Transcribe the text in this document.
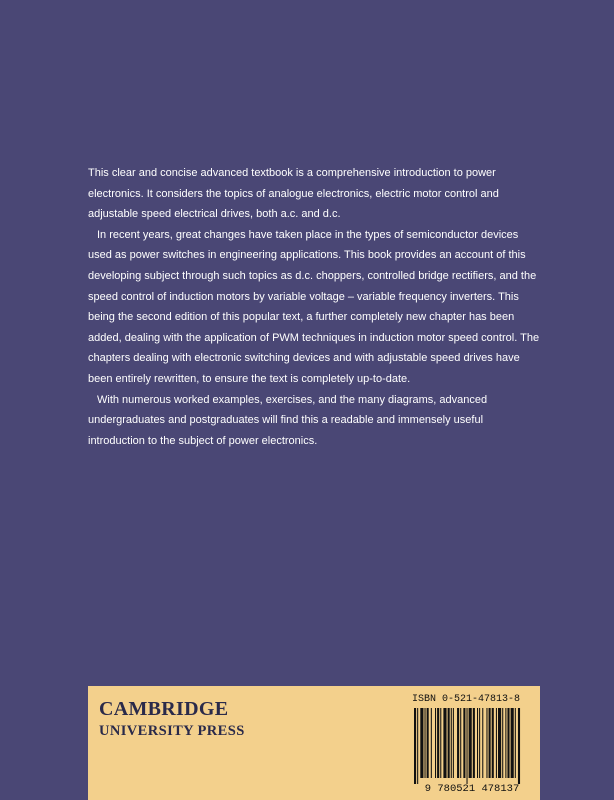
This clear and concise advanced textbook is a comprehensive introduction to power electronics. It considers the topics of analogue electronics, electric motor control and adjustable speed electrical drives, both a.c. and d.c.

In recent years, great changes have taken place in the types of semiconductor devices used as power switches in engineering applications. This book provides an account of this developing subject through such topics as d.c. choppers, controlled bridge rectifiers, and the speed control of induction motors by variable voltage – variable frequency inverters. This being the second edition of this popular text, a further completely new chapter has been added, dealing with the application of PWM techniques in induction motor speed control. The chapters dealing with electronic switching devices and with adjustable speed drives have been entirely rewritten, to ensure the text is completely up-to-date.

With numerous worked examples, exercises, and the many diagrams, advanced undergraduates and postgraduates will find this a readable and immensely useful introduction to the subject of power electronics.

CAMBRIDGE
UNIVERSITY PRESS
ISBN 0-521-47813-8
9 780521 478137
